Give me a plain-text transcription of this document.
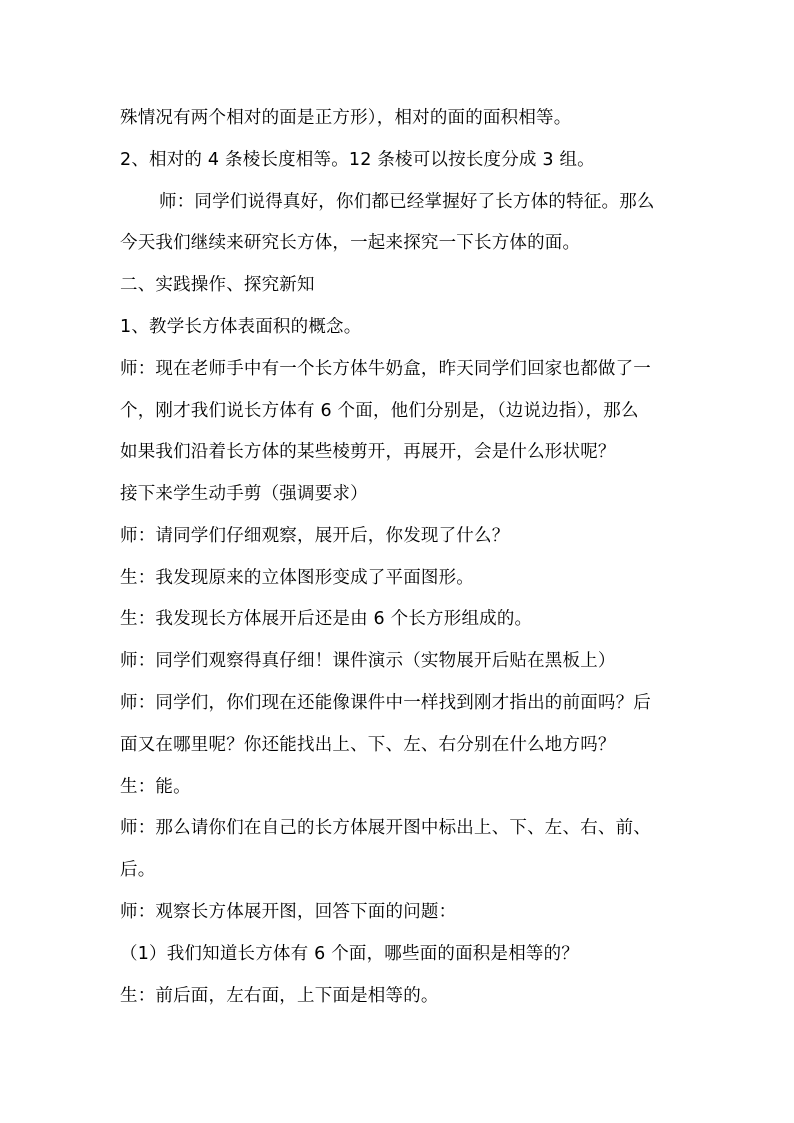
殊情况有两个相对的面是正方形），相对的面的面积相等。
2、相对的 4 条棱长度相等。12 条棱可以按长度分成 3 组。
师：同学们说得真好，你们都已经掌握好了长方体的特征。那么
今天我们继续来研究长方体，一起来探究一下长方体的面。
二、实践操作、探究新知
1、教学长方体表面积的概念。
师：现在老师手中有一个长方体牛奶盒，昨天同学们回家也都做了一
个，刚才我们说长方体有 6 个面，他们分别是，（边说边指），那么
如果我们沿着长方体的某些棱剪开，再展开，会是什么形状呢？
接下来学生动手剪（强调要求）
师：请同学们仔细观察，展开后，你发现了什么？
生：我发现原来的立体图形变成了平面图形。
生：我发现长方体展开后还是由 6 个长方形组成的。
师：同学们观察得真仔细！课件演示（实物展开后贴在黑板上）
师：同学们，你们现在还能像课件中一样找到刚才指出的前面吗？后
面又在哪里呢？你还能找出上、下、左、右分别在什么地方吗？
生：能。
师：那么请你们在自己的长方体展开图中标出上、下、左、右、前、
后。
师：观察长方体展开图，回答下面的问题：
（1）我们知道长方体有 6 个面，哪些面的面积是相等的？
生：前后面，左右面，上下面是相等的。
